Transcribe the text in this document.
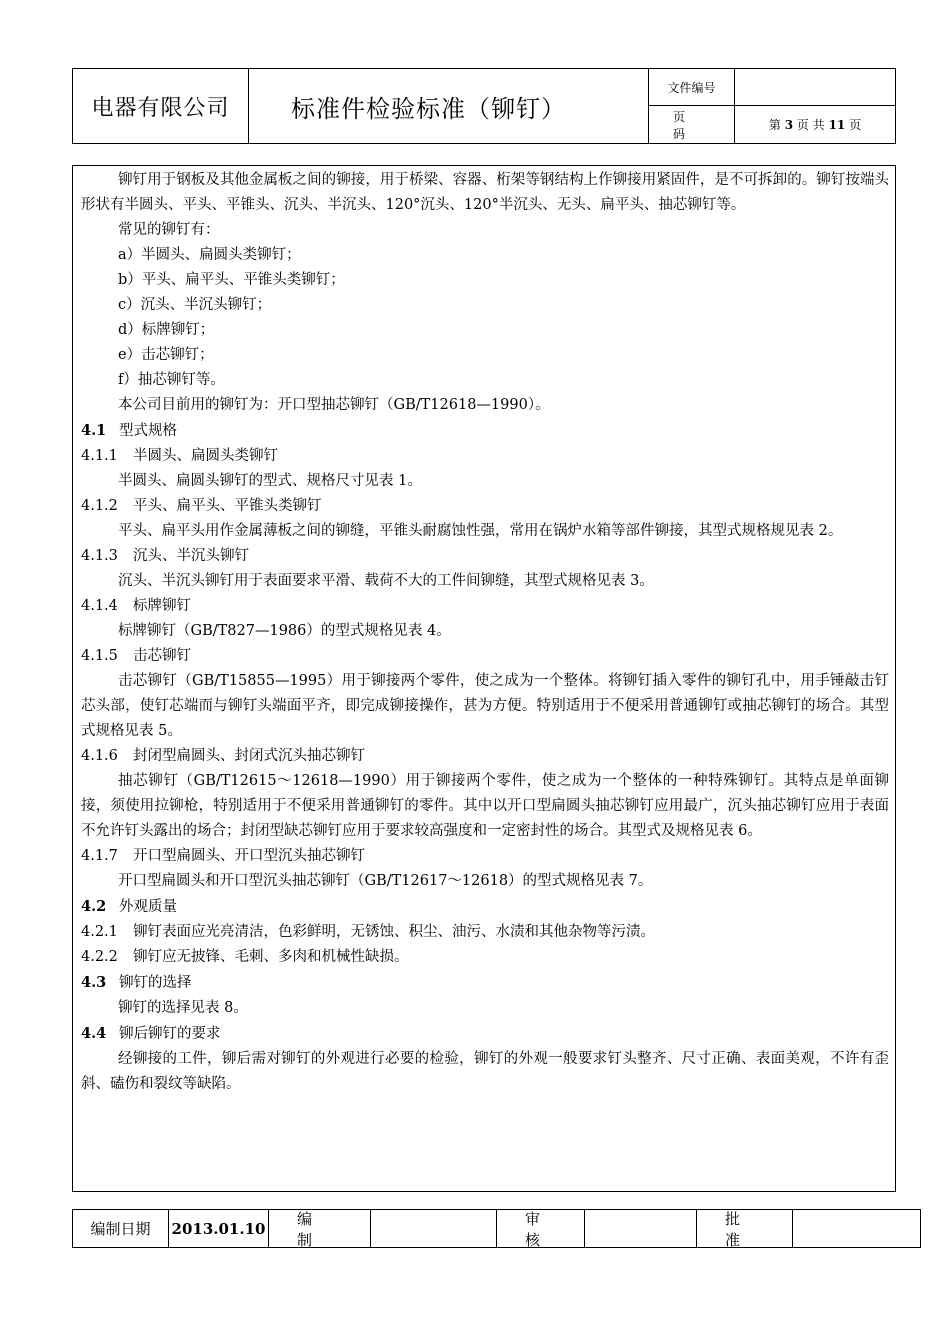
电器有限公司	标准件检验标准（铆钉）
文件编号
页码
第
3
页 共
11
页

铆钉用于钢板及其他金属板之间的铆接，用于桥梁、容器、桁架等钢结构上作铆接用紧固件，是不可拆卸的。铆钉按端头形状有半圆头、平头、平锥头、沉头、半沉头、120°沉头、120°半沉头、无头、扁平头、抽芯铆钉等。

常见的铆钉有：

a）半圆头、扁圆头类铆钉；

b）平头、扁平头、平锥头类铆钉；

c）沉头、半沉头铆钉；

d）标牌铆钉；

e）击芯铆钉；

f）抽芯铆钉等。

本公司目前用的铆钉为：开口型抽芯铆钉（GB/T12618—1990）。

4.1 型式规格

4.1.1 半圆头、扁圆头类铆钉

半圆头、扁圆头铆钉的型式、规格尺寸见表 1。

4.1.2 平头、扁平头、平锥头类铆钉

平头、扁平头用作金属薄板之间的铆缝，平锥头耐腐蚀性强，常用在锅炉水箱等部件铆接，其型式规格规见表 2。

4.1.3 沉头、半沉头铆钉

沉头、半沉头铆钉用于表面要求平滑、载荷不大的工件间铆缝，其型式规格见表 3。

4.1.4 标牌铆钉

标牌铆钉（GB/T827—1986）的型式规格见表 4。

4.1.5 击芯铆钉

击芯铆钉（GB/T15855—1995）用于铆接两个零件，使之成为一个整体。将铆钉插入零件的铆钉孔中，用手锤敲击钉芯头部，使钉芯端而与铆钉头端面平齐，即完成铆接操作，甚为方便。特别适用于不便采用普通铆钉或抽芯铆钉的场合。其型式规格见表 5。

4.1.6 封闭型扁圆头、封闭式沉头抽芯铆钉

抽芯铆钉（GB/T12615～12618—1990）用于铆接两个零件，使之成为一个整体的一种特殊铆钉。其特点是单面铆接，须使用拉铆枪，特别适用于不便采用普通铆钉的零件。其中以开口型扁圆头抽芯铆钉应用最广，沉头抽芯铆钉应用于表面不允许钉头露出的场合；封闭型缺芯铆钉应用于要求较高强度和一定密封性的场合。其型式及规格见表 6。

4.1.7 开口型扁圆头、开口型沉头抽芯铆钉

开口型扁圆头和开口型沉头抽芯铆钉（GB/T12617～12618）的型式规格见表 7。

4.2 外观质量

4.2.1 铆钉表面应光亮清洁，色彩鲜明，无锈蚀、积尘、油污、水渍和其他杂物等污渍。

4.2.2 铆钉应无披锋、毛刺、多肉和机械性缺损。

4.3 铆钉的选择

铆钉的选择见表 8。

4.4 铆后铆钉的要求

经铆接的工件，铆后需对铆钉的外观进行必要的检验，铆钉的外观一般要求钉头整齐、尺寸正确、表面美观，不许有歪斜、磕伤和裂纹等缺陷。

编制日期	2013.01.10
编制
审核
批准
